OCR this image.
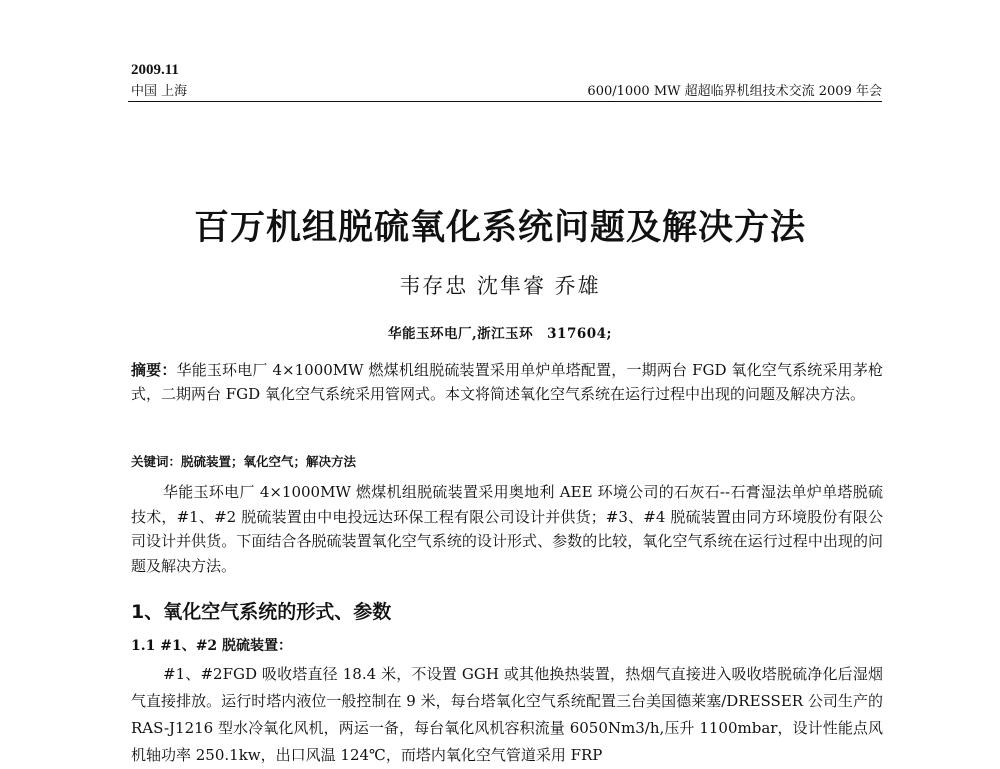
2009.11
中国 上海	600/1000 MW 超超临界机组技术交流 2009 年会
百万机组脱硫氧化系统问题及解决方法
韦存忠 沈隼睿 乔雄
华能玉环电厂,浙江玉环　317604;
摘要：华能玉环电厂 4×1000MW 燃煤机组脱硫装置采用单炉单塔配置，一期两台 FGD 氧化空气系统采用茅枪式，二期两台 FGD 氧化空气系统采用管网式。本文将简述氧化空气系统在运行过程中出现的问题及解决方法。
关键词：脱硫装置；氧化空气；解决方法
华能玉环电厂 4×1000MW 燃煤机组脱硫装置采用奥地利 AEE 环境公司的石灰石--石膏湿法单炉单塔脱硫技术，#1、#2 脱硫装置由中电投远达环保工程有限公司设计并供货；#3、#4 脱硫装置由同方环境股份有限公司设计并供货。下面结合各脱硫装置氧化空气系统的设计形式、参数的比较，氧化空气系统在运行过程中出现的问题及解决方法。
1、氧化空气系统的形式、参数
1.1 #1、#2 脱硫装置：
#1、#2FGD 吸收塔直径 18.4 米，不设置 GGH 或其他换热装置，热烟气直接进入吸收塔脱硫净化后湿烟气直接排放。运行时塔内液位一般控制在 9 米，每台塔氧化空气系统配置三台美国德莱塞/DRESSER 公司生产的 RAS-J1216 型水冷氧化风机，两运一备，每台氧化风机容积流量 6050Nm3/h,压升 1100mbar，设计性能点风机轴功率 250.1kw，出口风温 124℃，而塔内氧化空气管道采用 FRP
